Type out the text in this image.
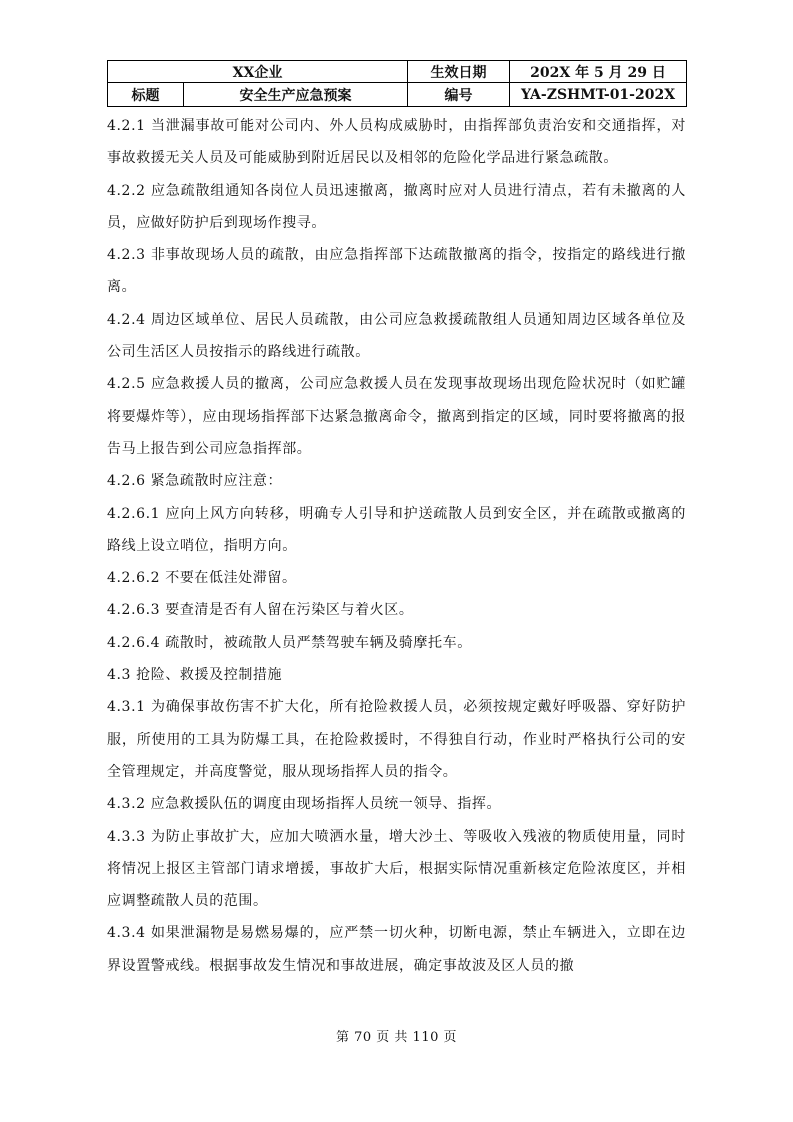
XX企业		生效日期	202X 年 5 月 29 日
标题	安全生产应急预案	编号	YA-ZSHMT-01-202X

4.2.1 当泄漏事故可能对公司内、外人员构成威胁时，由指挥部负责治安和交通指挥，对事故救援无关人员及可能威胁到附近居民以及相邻的危险化学品进行紧急疏散。

4.2.2 应急疏散组通知各岗位人员迅速撤离，撤离时应对人员进行清点，若有未撤离的人员，应做好防护后到现场作搜寻。

4.2.3 非事故现场人员的疏散，由应急指挥部下达疏散撤离的指令，按指定的路线进行撤离。

4.2.4 周边区域单位、居民人员疏散，由公司应急救援疏散组人员通知周边区域各单位及公司生活区人员按指示的路线进行疏散。

4.2.5 应急救援人员的撤离，公司应急救援人员在发现事故现场出现危险状况时（如贮罐将要爆炸等），应由现场指挥部下达紧急撤离命令，撤离到指定的区域，同时要将撤离的报告马上报告到公司应急指挥部。

4.2.6 紧急疏散时应注意：

4.2.6.1 应向上风方向转移，明确专人引导和护送疏散人员到安全区，并在疏散或撤离的路线上设立哨位，指明方向。

4.2.6.2 不要在低洼处滞留。

4.2.6.3 要查清是否有人留在污染区与着火区。

4.2.6.4 疏散时，被疏散人员严禁驾驶车辆及骑摩托车。

4.3 抢险、救援及控制措施

4.3.1 为确保事故伤害不扩大化，所有抢险救援人员，必须按规定戴好呼吸器、穿好防护服，所使用的工具为防爆工具，在抢险救援时，不得独自行动，作业时严格执行公司的安全管理规定，并高度警觉，服从现场指挥人员的指令。

4.3.2 应急救援队伍的调度由现场指挥人员统一领导、指挥。

4.3.3 为防止事故扩大，应加大喷洒水量，增大沙土、等吸收入残液的物质使用量，同时将情况上报区主管部门请求增援，事故扩大后，根据实际情况重新核定危险浓度区，并相应调整疏散人员的范围。

4.3.4 如果泄漏物是易燃易爆的，应严禁一切火种，切断电源，禁止车辆进入，立即在边界设置警戒线。根据事故发生情况和事故进展，确定事故波及区人员的撤

第 70 页 共 110 页
